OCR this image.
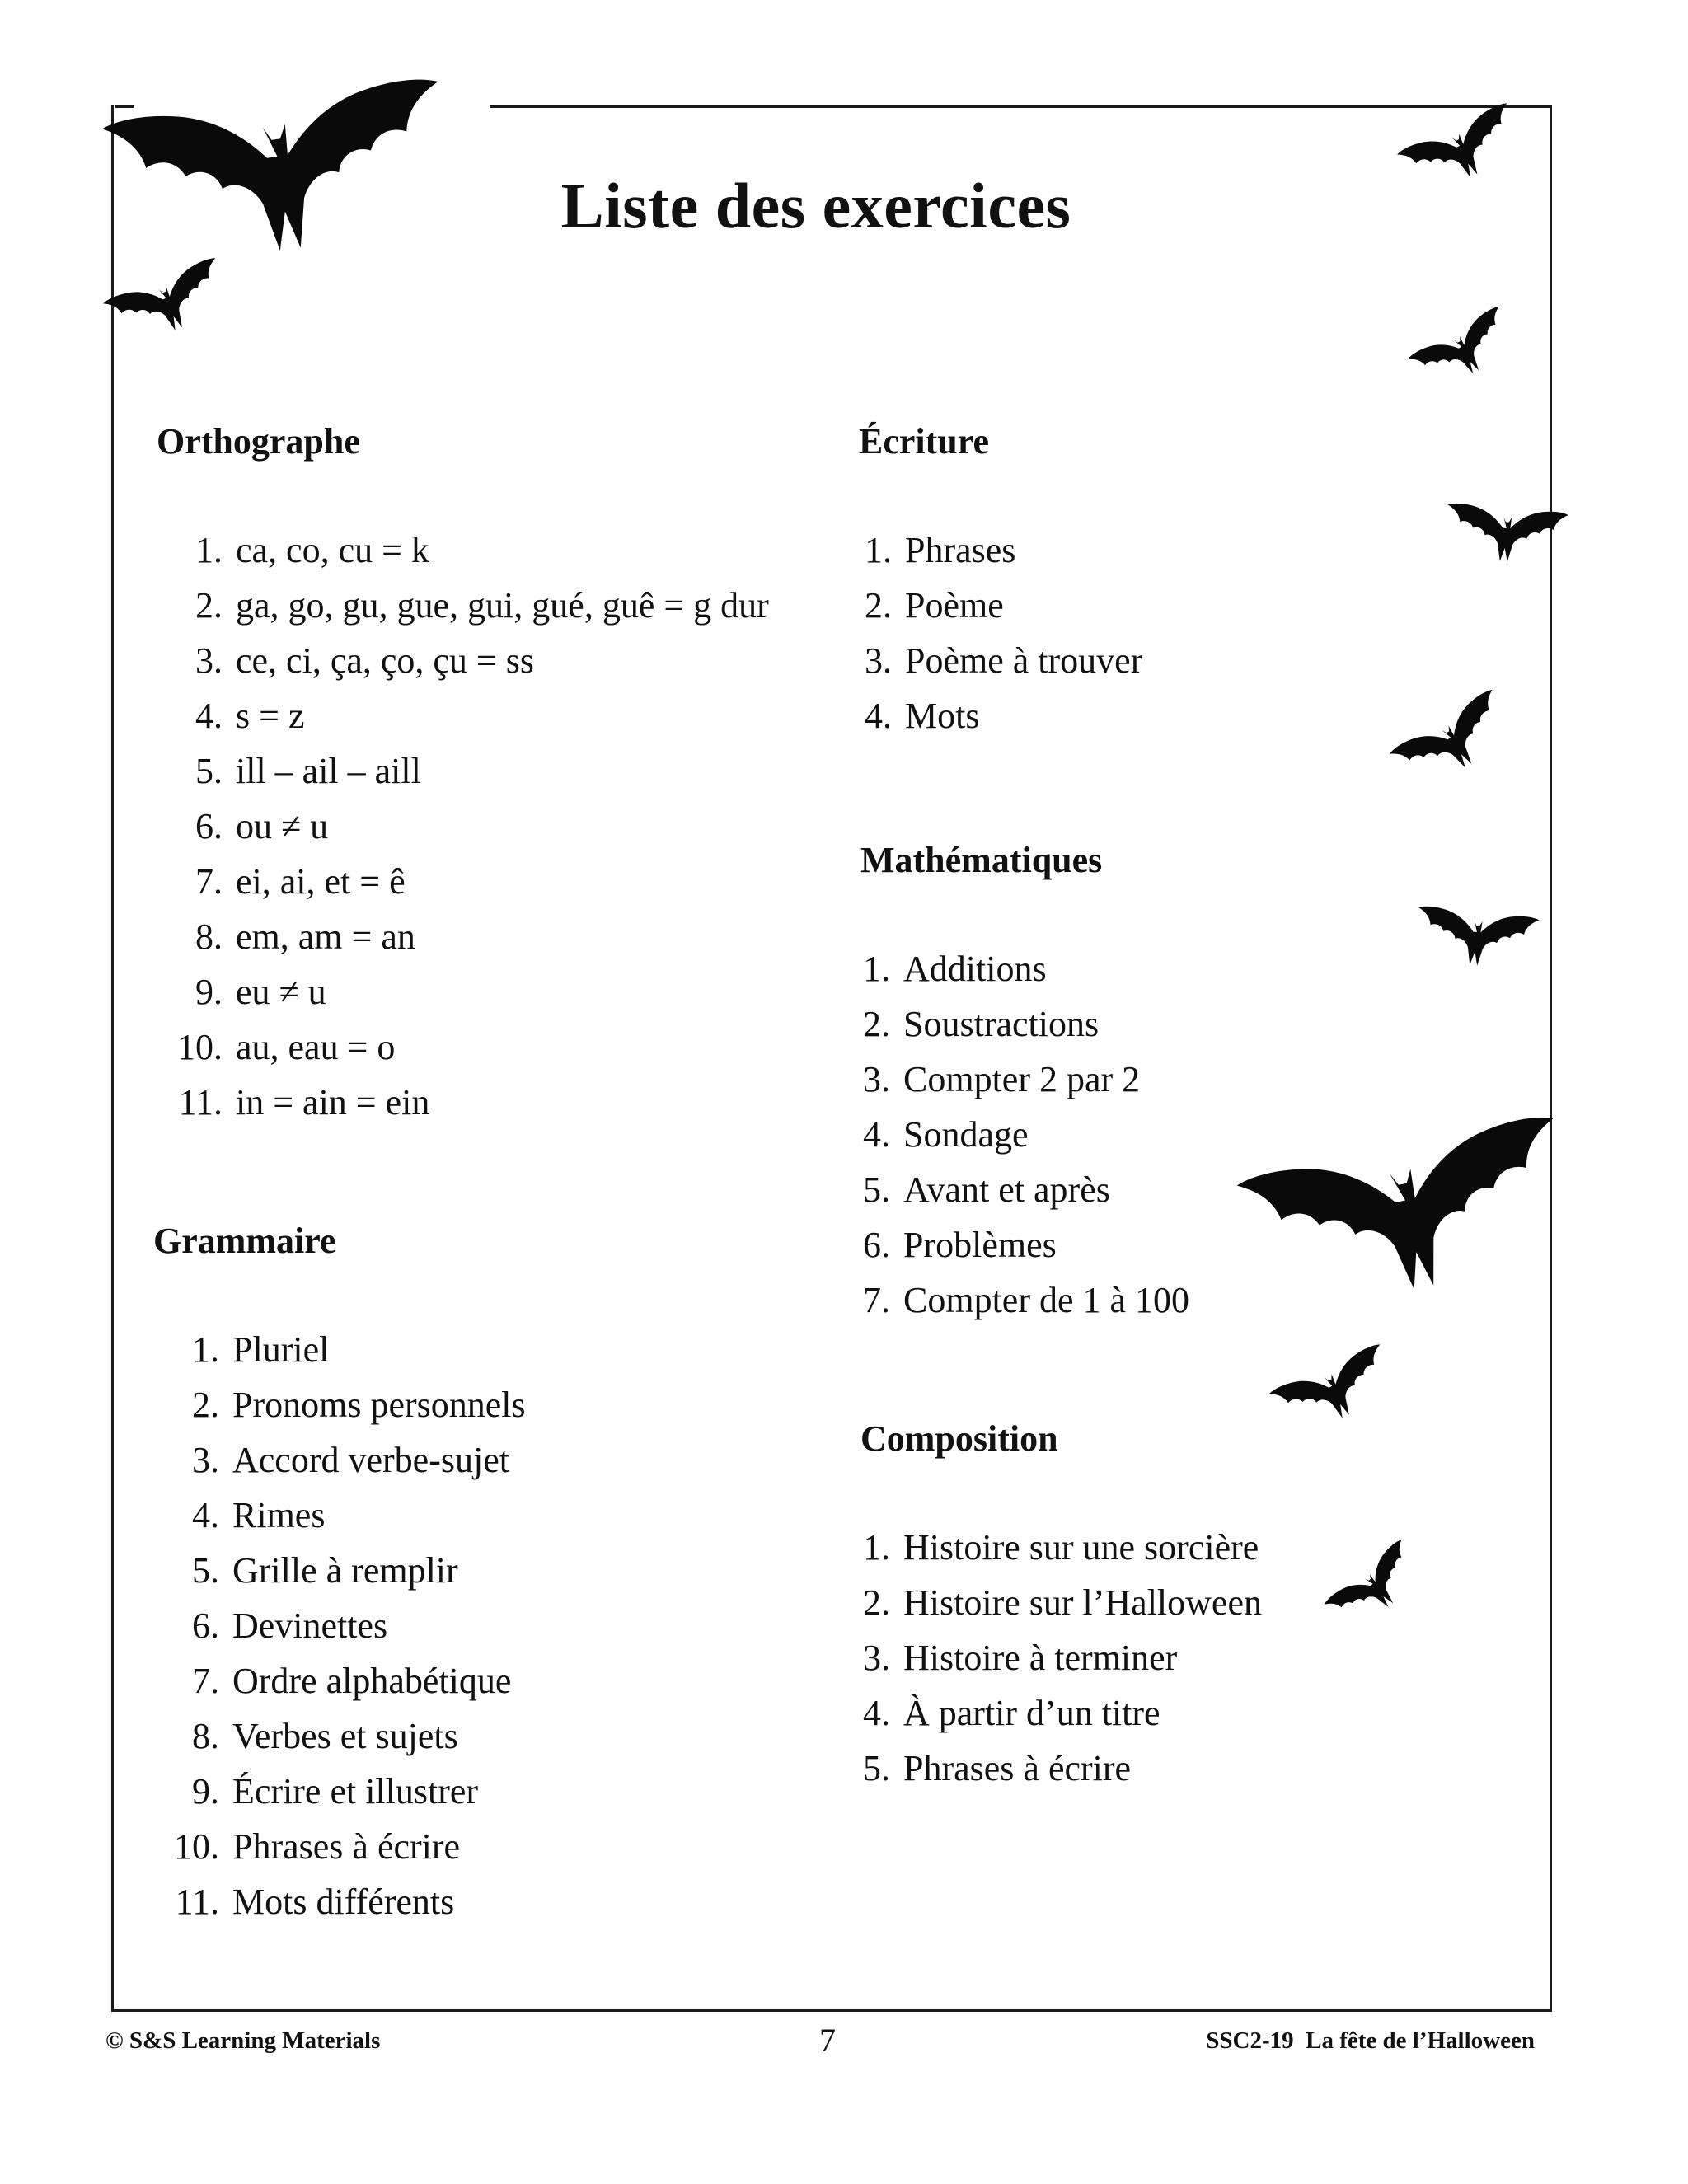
Liste des exercices
Orthographe
1. ca, co, cu = k
2. ga, go, gu, gue, gui, gué, guê = g dur
3. ce, ci, ça, ço, çu = ss
4. s = z
5. ill – ail – aill
6. ou ≠ u
7. ei, ai, et = ê
8. em, am = an
9. eu ≠ u
10. au, eau = o
11. in = ain = ein
Grammaire
1. Pluriel
2. Pronoms personnels
3. Accord verbe-sujet
4. Rimes
5. Grille à remplir
6. Devinettes
7. Ordre alphabétique
8. Verbes et sujets
9. Écrire et illustrer
10. Phrases à écrire
11. Mots différents
Écriture
1. Phrases
2. Poème
3. Poème à trouver
4. Mots
Mathématiques
1. Additions
2. Soustractions
3. Compter 2 par 2
4. Sondage
5. Avant et après
6. Problèmes
7. Compter de 1 à 100
Composition
1. Histoire sur une sorcière
2. Histoire sur l’Halloween
3. Histoire à terminer
4. À partir d’un titre
5. Phrases à écrire
© S&S Learning Materials	7	SSC2-19  La fête de l’Halloween
